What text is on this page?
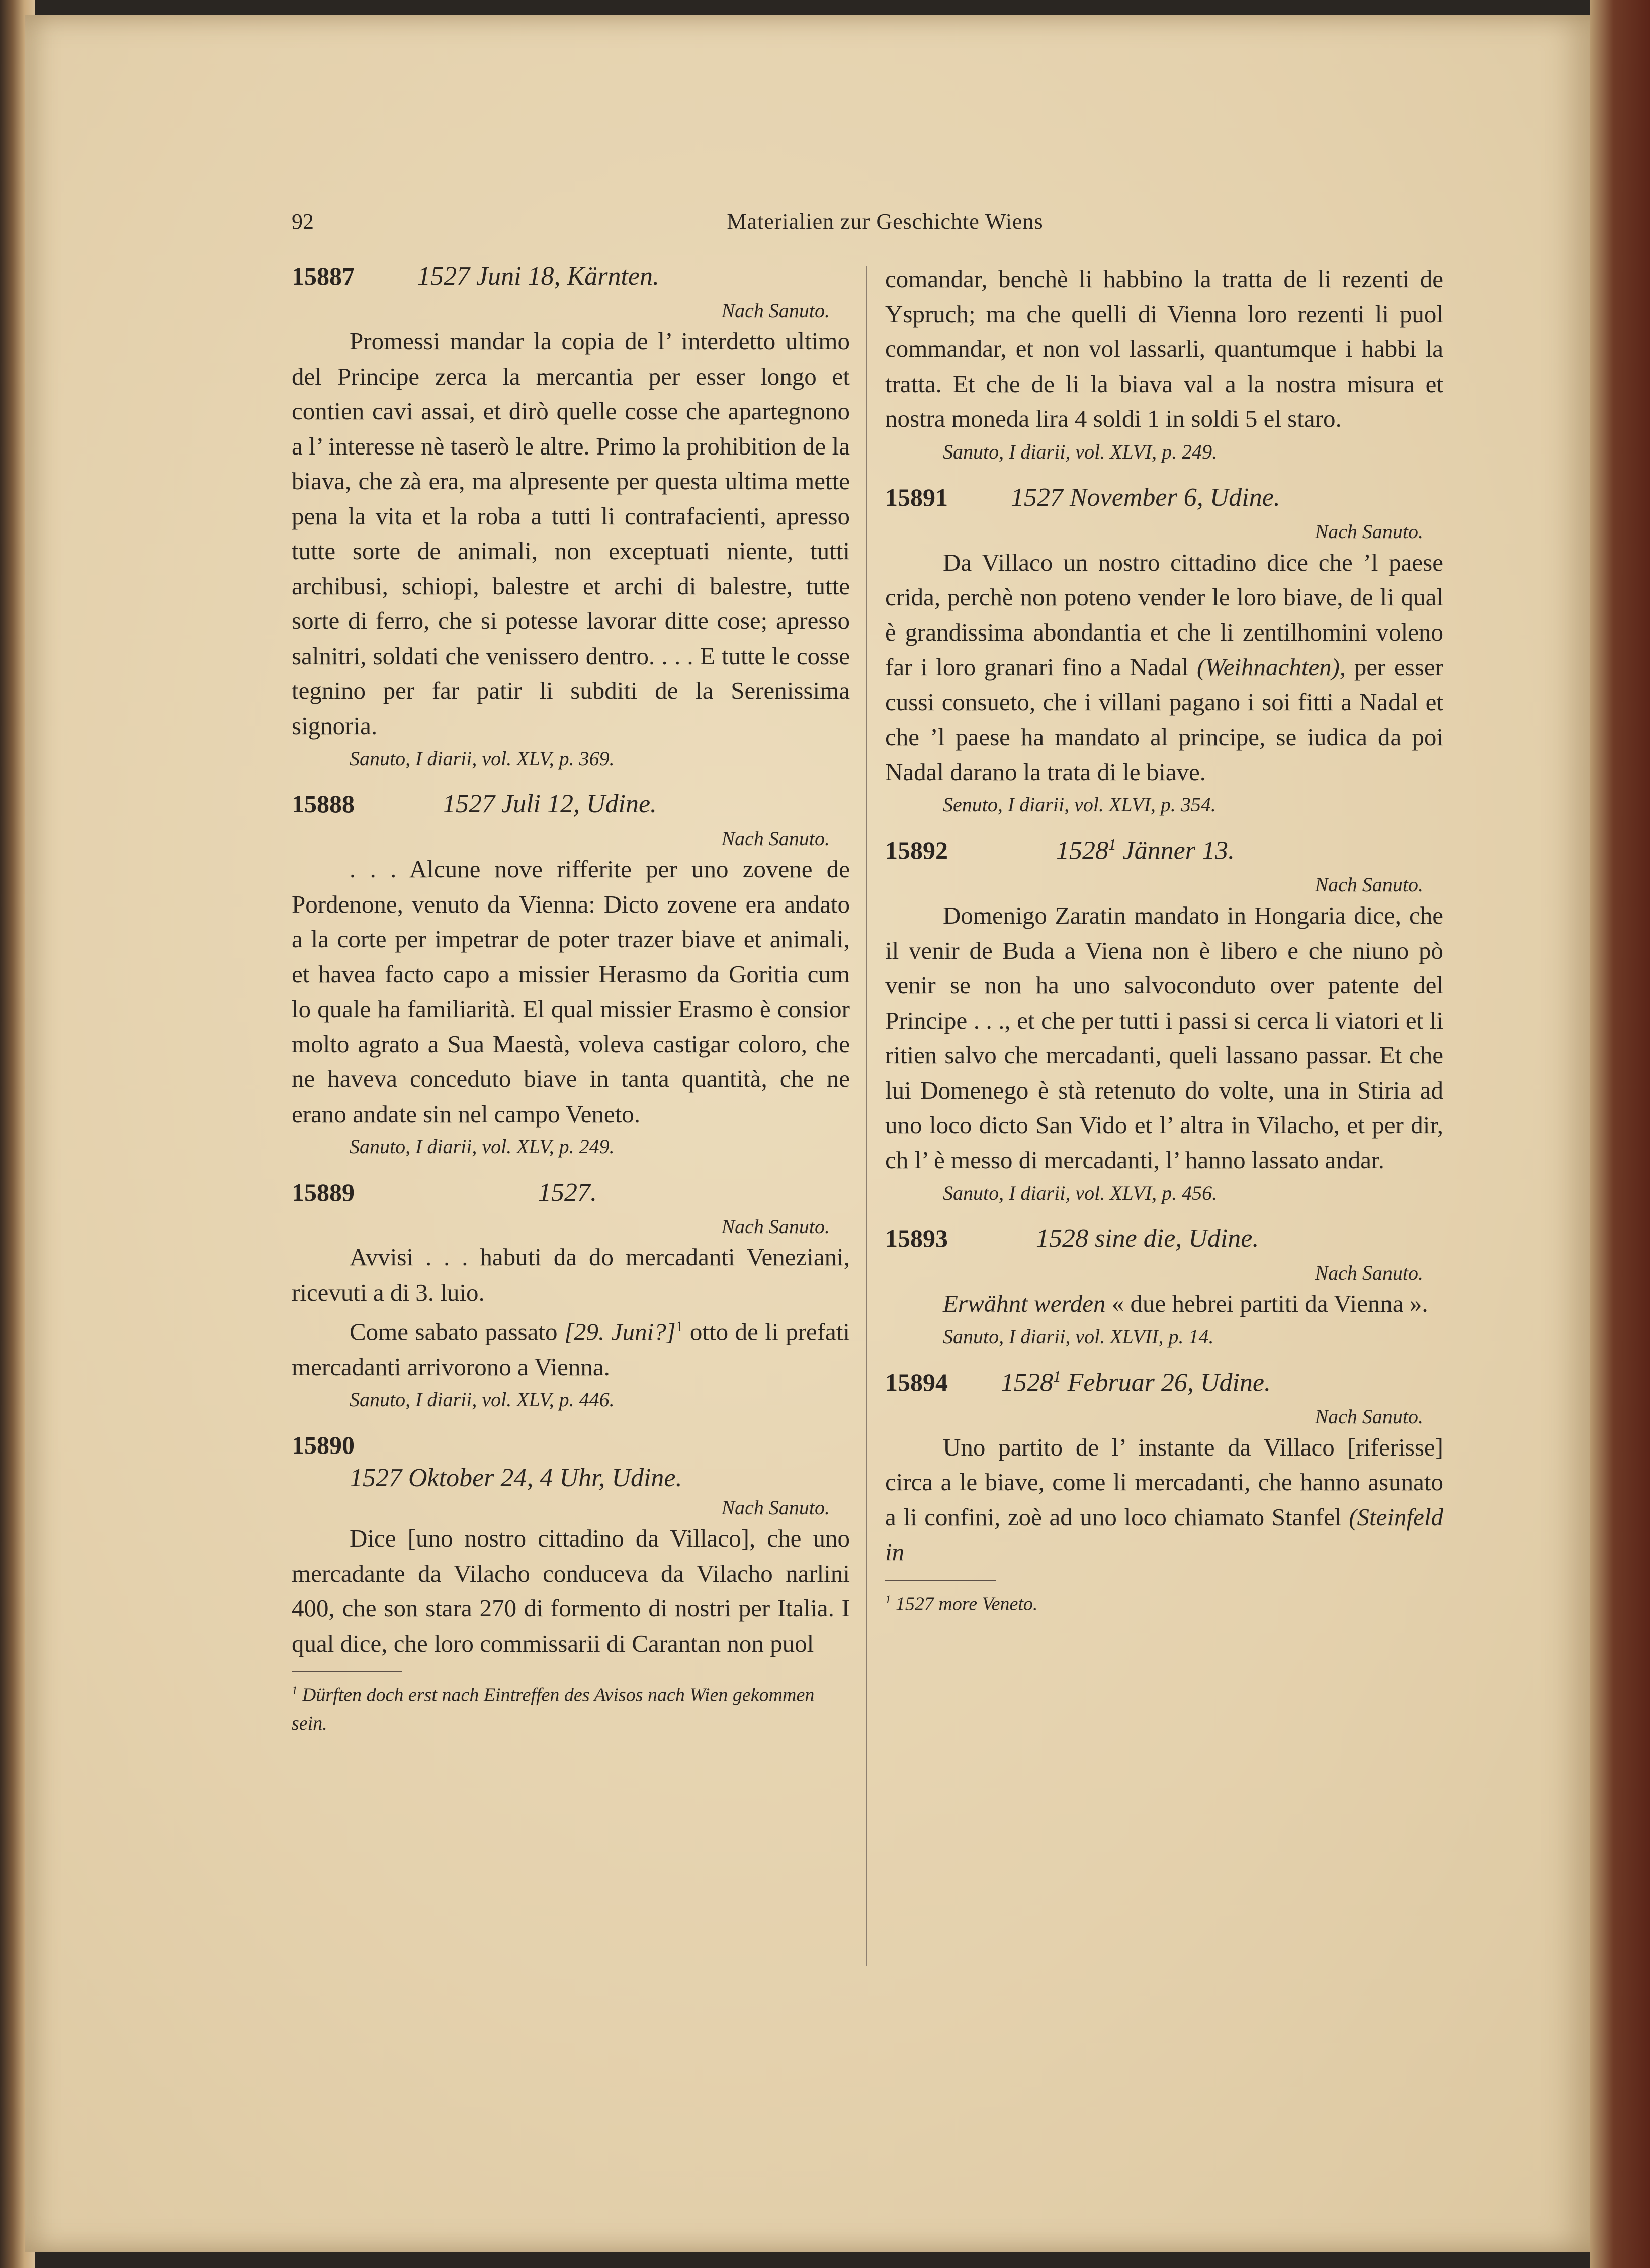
92	Materialien zur Geschichte Wiens
15887 1527 Juni 18, Kärnten.
Nach Sanuto.
Promessi mandar la copia de l’ interdetto ultimo del Principe zerca la mercantia per esser longo et contien cavi assai, et dirò quelle cosse che apartegnono a l’ interesse nè taserò le altre. Primo la prohibition de la biava, che zà era, ma alpresente per questa ultima mette pena la vita et la roba a tutti li contrafacienti, apresso tutte sorte de animali, non exceptuati niente, tutti archibusi, schiopi, balestre et archi di balestre, tutte sorte di ferro, che si potesse lavorar ditte cose; apresso salnitri, soldati che venissero dentro. . . . E tutte le cosse tegnino per far patir li subditi de la Serenissima signoria.
Sanuto, I diarii, vol. XLV, p. 369.
15888	1527 Juli 12, Udine.
Nach Sanuto.
. . . Alcune nove rifferite per uno zovene de Pordenone, venuto da Vienna: Dicto zovene era andato a la corte per impetrar de poter trazer biave et animali, et havea facto capo a missier Herasmo da Goritia cum lo quale ha familiarità. El qual missier Erasmo è consior molto agrato a Sua Maestà, voleva castigar coloro, che ne haveva conceduto biave in tanta quantità, che ne erano andate sin nel campo Veneto.
Sanuto, I diarii, vol. XLV, p. 249.
15889	1527.
Nach Sanuto.
Avvisi . . . habuti da do mercadanti Veneziani, ricevuti a di 3. luio.
Come sabato passato [29. Juni?]$^1$ otto de li prefati mercadanti arrivorono a Vienna.
Sanuto, I diarii, vol. XLV, p. 446.
15890
1527 Oktober 24, 4 Uhr, Udine.
Nach Sanuto.
Dice [uno nostro cittadino da Villaco], che uno mercadante da Vilacho conduceva da Vilacho narlini 400, che son stara 270 di formento di nostri per Italia. I qual dice, che loro commissarii di Carantan non puol
$^1$ Dürften doch erst nach Eintreffen des Avisos nach Wien gekommen sein.
comandar, benchè li habbino la tratta de li rezenti de Yspruch; ma che quelli di Vienna loro rezenti li puol commandar, et non vol lassarli, quantumque i habbi la tratta. Et che de li la biava val a la nostra misura et nostra moneda lira 4 soldi 1 in soldi 5 el staro.
Sanuto, I diarii, vol. XLVI, p. 249.
15891 1527 November 6, Udine.
Nach Sanuto.
Da Villaco un nostro cittadino dice che ’l paese crida, perchè non poteno vender le loro biave, de li qual è grandissima abondantia et che li zentilhomini voleno far i loro granari fino a Nadal (Weihnachten), per esser cussi consueto, che i villani pagano i soi fitti a Nadal et che ’l paese ha mandato al principe, se iudica da poi Nadal darano la trata di le biave.
Senuto, I diarii, vol. XLVI, p. 354.
15892	1528$^1$ Jänner 13.
Nach Sanuto.
Domenigo Zaratin mandato in Hongaria dice, che il venir de Buda a Viena non è libero e che niuno pò venir se non ha uno salvoconduto over patente del Principe . . ., et che per tutti i passi si cerca li viatori et li ritien salvo che mercadanti, queli lassano passar. Et che lui Domenego è stà retenuto do volte, una in Stiria ad uno loco dicto San Vido et l’ altra in Vilacho, et per dir, ch l’ è messo di mercadanti, l’ hanno lassato andar.
Sanuto, I diarii, vol. XLVI, p. 456.
15893	1528 sine die, Udine.
Nach Sanuto.
Erwähnt werden « due hebrei partiti da Vienna ».
Sanuto, I diarii, vol. XLVII, p. 14.
15894 1528$^1$ Februar 26, Udine.
Nach Sanuto.
Uno partito de l’ instante da Villaco [riferisse] circa a le biave, come li mercadanti, che hanno asunato a li confini, zoè ad uno loco chiamato Stanfel (Steinfeld in
$^1$ 1527 more Veneto.
